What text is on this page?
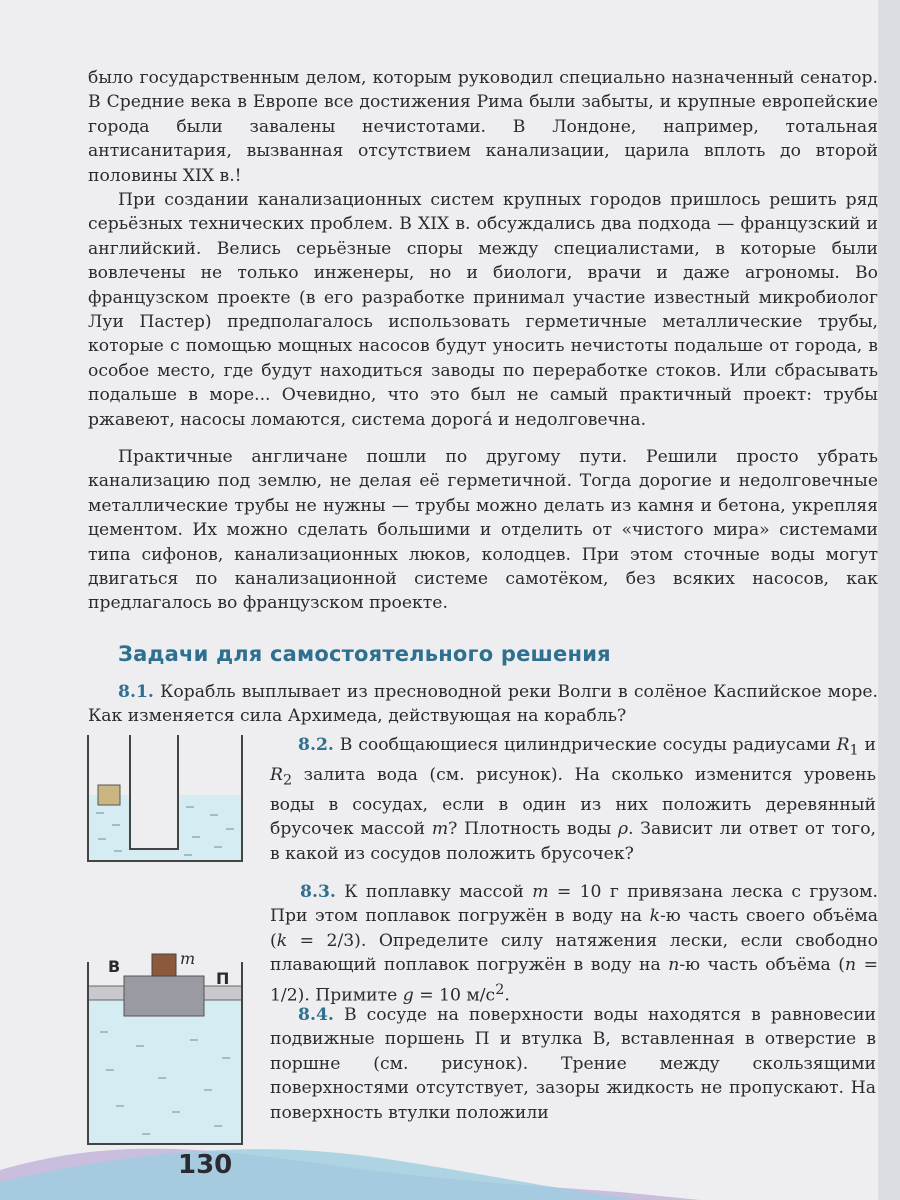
было государственным делом, которым руководил специально назначенный сенатор. В Средние века в Европе все достижения Рима были забыты, и крупные европейские города были завалены нечистотами. В Лондоне, например, тотальная антисанитария, вызванная отсутствием канализации, царила вплоть до второй половины XIX в.!

При создании канализационных систем крупных городов пришлось решить ряд серьёзных технических проблем. В XIX в. обсуждались два подхода — французский и английский. Велись серьёзные споры между специалистами, в которые были вовлечены не только инженеры, но и биологи, врачи и даже агрономы. Во французском проекте (в его разработке принимал участие известный микробиолог Луи Пастер) предполагалось использовать герметичные металлические трубы, которые с помощью мощных насосов будут уносить нечистоты подальше от города, в особое место, где будут находиться заводы по переработке стоков. Или сбрасывать подальше в море... Очевидно, что это был не самый практичный проект: трубы ржавеют, насосы ломаются, система дорога́ и недолговечна.

Практичные англичане пошли по другому пути. Решили просто убрать канализацию под землю, не делая её герметичной. Тогда дорогие и недолговечные металлические трубы не нужны — трубы можно делать из камня и бетона, укрепляя цементом. Их можно сделать большими и отделить от «чистого мира» системами типа сифонов, канализационных люков, колодцев. При этом сточные воды могут двигаться по канализационной системе самотёком, без всяких насосов, как предлагалось во французском проекте.

Задачи для самостоятельного решения

8.1. Корабль выплывает из пресноводной реки Волги в солёное Каспийское море. Как изменяется сила Архимеда, действующая на корабль?

8.2. В сообщающиеся цилиндрические сосуды радиусами $R_1$ и $R_2$ залита вода (см. рисунок). На сколько изменится уровень воды в сосудах, если в один из них положить деревянный брусочек массой m? Плотность воды ρ. Зависит ли ответ от того, в какой из сосудов положить брусочек?

8.3. К поплавку массой m = 10 г привязана леска с грузом. При этом поплавок погружён в воду на k-ю часть своего объёма (k = 2/3). Определите силу натяжения лески, если свободно плавающий поплавок погружён в воду на n-ю часть объёма (n = 1/2). Примите g = 10 $м/с^2$.

В	m
П

8.4. В сосуде на поверхности воды находятся в равновесии подвижные поршень П и втулка В, вставленная в отверстие в поршне (см. рисунок). Трение между скользящими поверхностями отсутствует, зазоры жидкость не пропускают. На поверхность втулки положили

130
